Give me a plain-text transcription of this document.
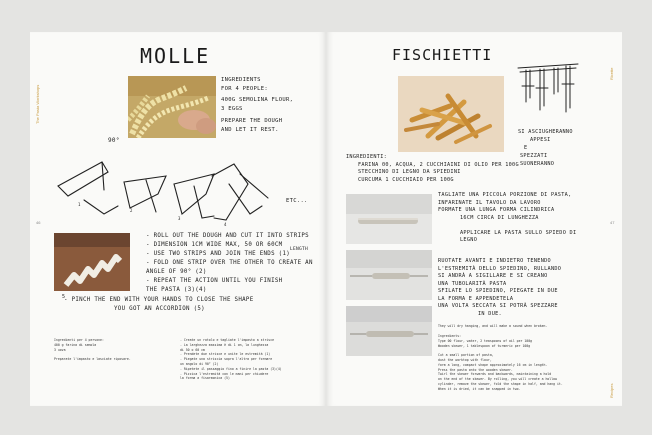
The Pasta Workshops
46
MOLLE
INGREDIENTS
FOR 4 PEOPLE:
400G SEMOLINA FLOUR,
3 EGGS
PREPARE THE DOUGH
AND LET IT REST.
90°
ETC...
1
2
3
4
5
- ROLL OUT THE DOUGH AND CUT IT INTO STRIPS
- DIMENSION 1CM WIDE MAX, 50 OR 60CM
- USE TWO STRIPS AND JOIN THE ENDS (1)
- FOLD ONE STRIP OVER THE OTHER TO CREATE AN
ANGLE OF 90° (2)
- REPEAT THE ACTION UNTIL YOU FINISH
THE PASTA (3)(4)
LENGTH
- PINCH THE END WITH YOUR HANDS TO CLOSE THE SHAPE
YOU GOT AN ACCORDION (5)
Ingredienti per 4 persone:
400 g farina di semola
3 uova

Preparate l'impasto e lasciate riposare.
- Create un rotolo e tagliate l'impasto a strisce
- La larghezza massima è di 1 cm, la lunghezza
di 50 o 60 cm
- Prendete due strisce e unite le estremità (1)
- Piegate una striscia sopra l'altra per formare
un angolo di 90° (2)
- Ripetete il passaggio fino a finire la pasta (3)(4)
- Pizzica l'estremità con le mani per chiudere
la forma a fisarmonica (5)
Ricette
Recipes
47
FISCHIETTI
SI ASCIUGHERANNO
APPESI
E
SPEZZATI
SUONERANNO
INGREDIENTI:
FARINA 00, ACQUA, 2 CUCCHIAINI DI OLIO PER 100G
STECCHINO DI LEGNO DA SPIEDINI
CURCUMA 1 CUCCHIAIO PER 100G
TAGLIATE UNA PICCOLA PORZIONE DI PASTA,
INFARINATE IL TAVOLO DA LAVORO
FORMATE UNA LUNGA FORMA CILINDRICA
16CM CIRCA DI LUNGHEZZA

APPLICARE LA PASTA SULLO SPIEDO DI
LEGNO
RUOTATE AVANTI E INDIETRO TENENDO
L'ESTREMITÀ DELLO SPIEDINO, RULLANDO
SI ANDRÀ A SIGILLARE E SI CREANO
UNA TUBOLARITÀ PASTA
SFILATE LO SPIEDINO, PIEGATE IN DUE
LA FORMA E APPENDETELA
UNA VOLTA SECCATA SI POTRÀ SPEZZARE
IN DUE.
They will dry hanging, and will make a sound when broken.
Ingredients:
Type 00 flour, water, 2 teaspoons of oil per 100g
Wooden skewer, 1 tablespoon of turmeric per 100g

Cut a small portion of pasta,
dust the worktop with flour,
form a long, compact shape approximately 16 cm in length.
Press the pasta onto the wooden skewer.
Twirl the skewer forwards and backwards, maintaining a hold
on the end of the skewer. By rolling, you will create a hollow
cylinder, remove the skewer, fold the shape in half, and hang it.
When it is dried, it can be snapped in two.
